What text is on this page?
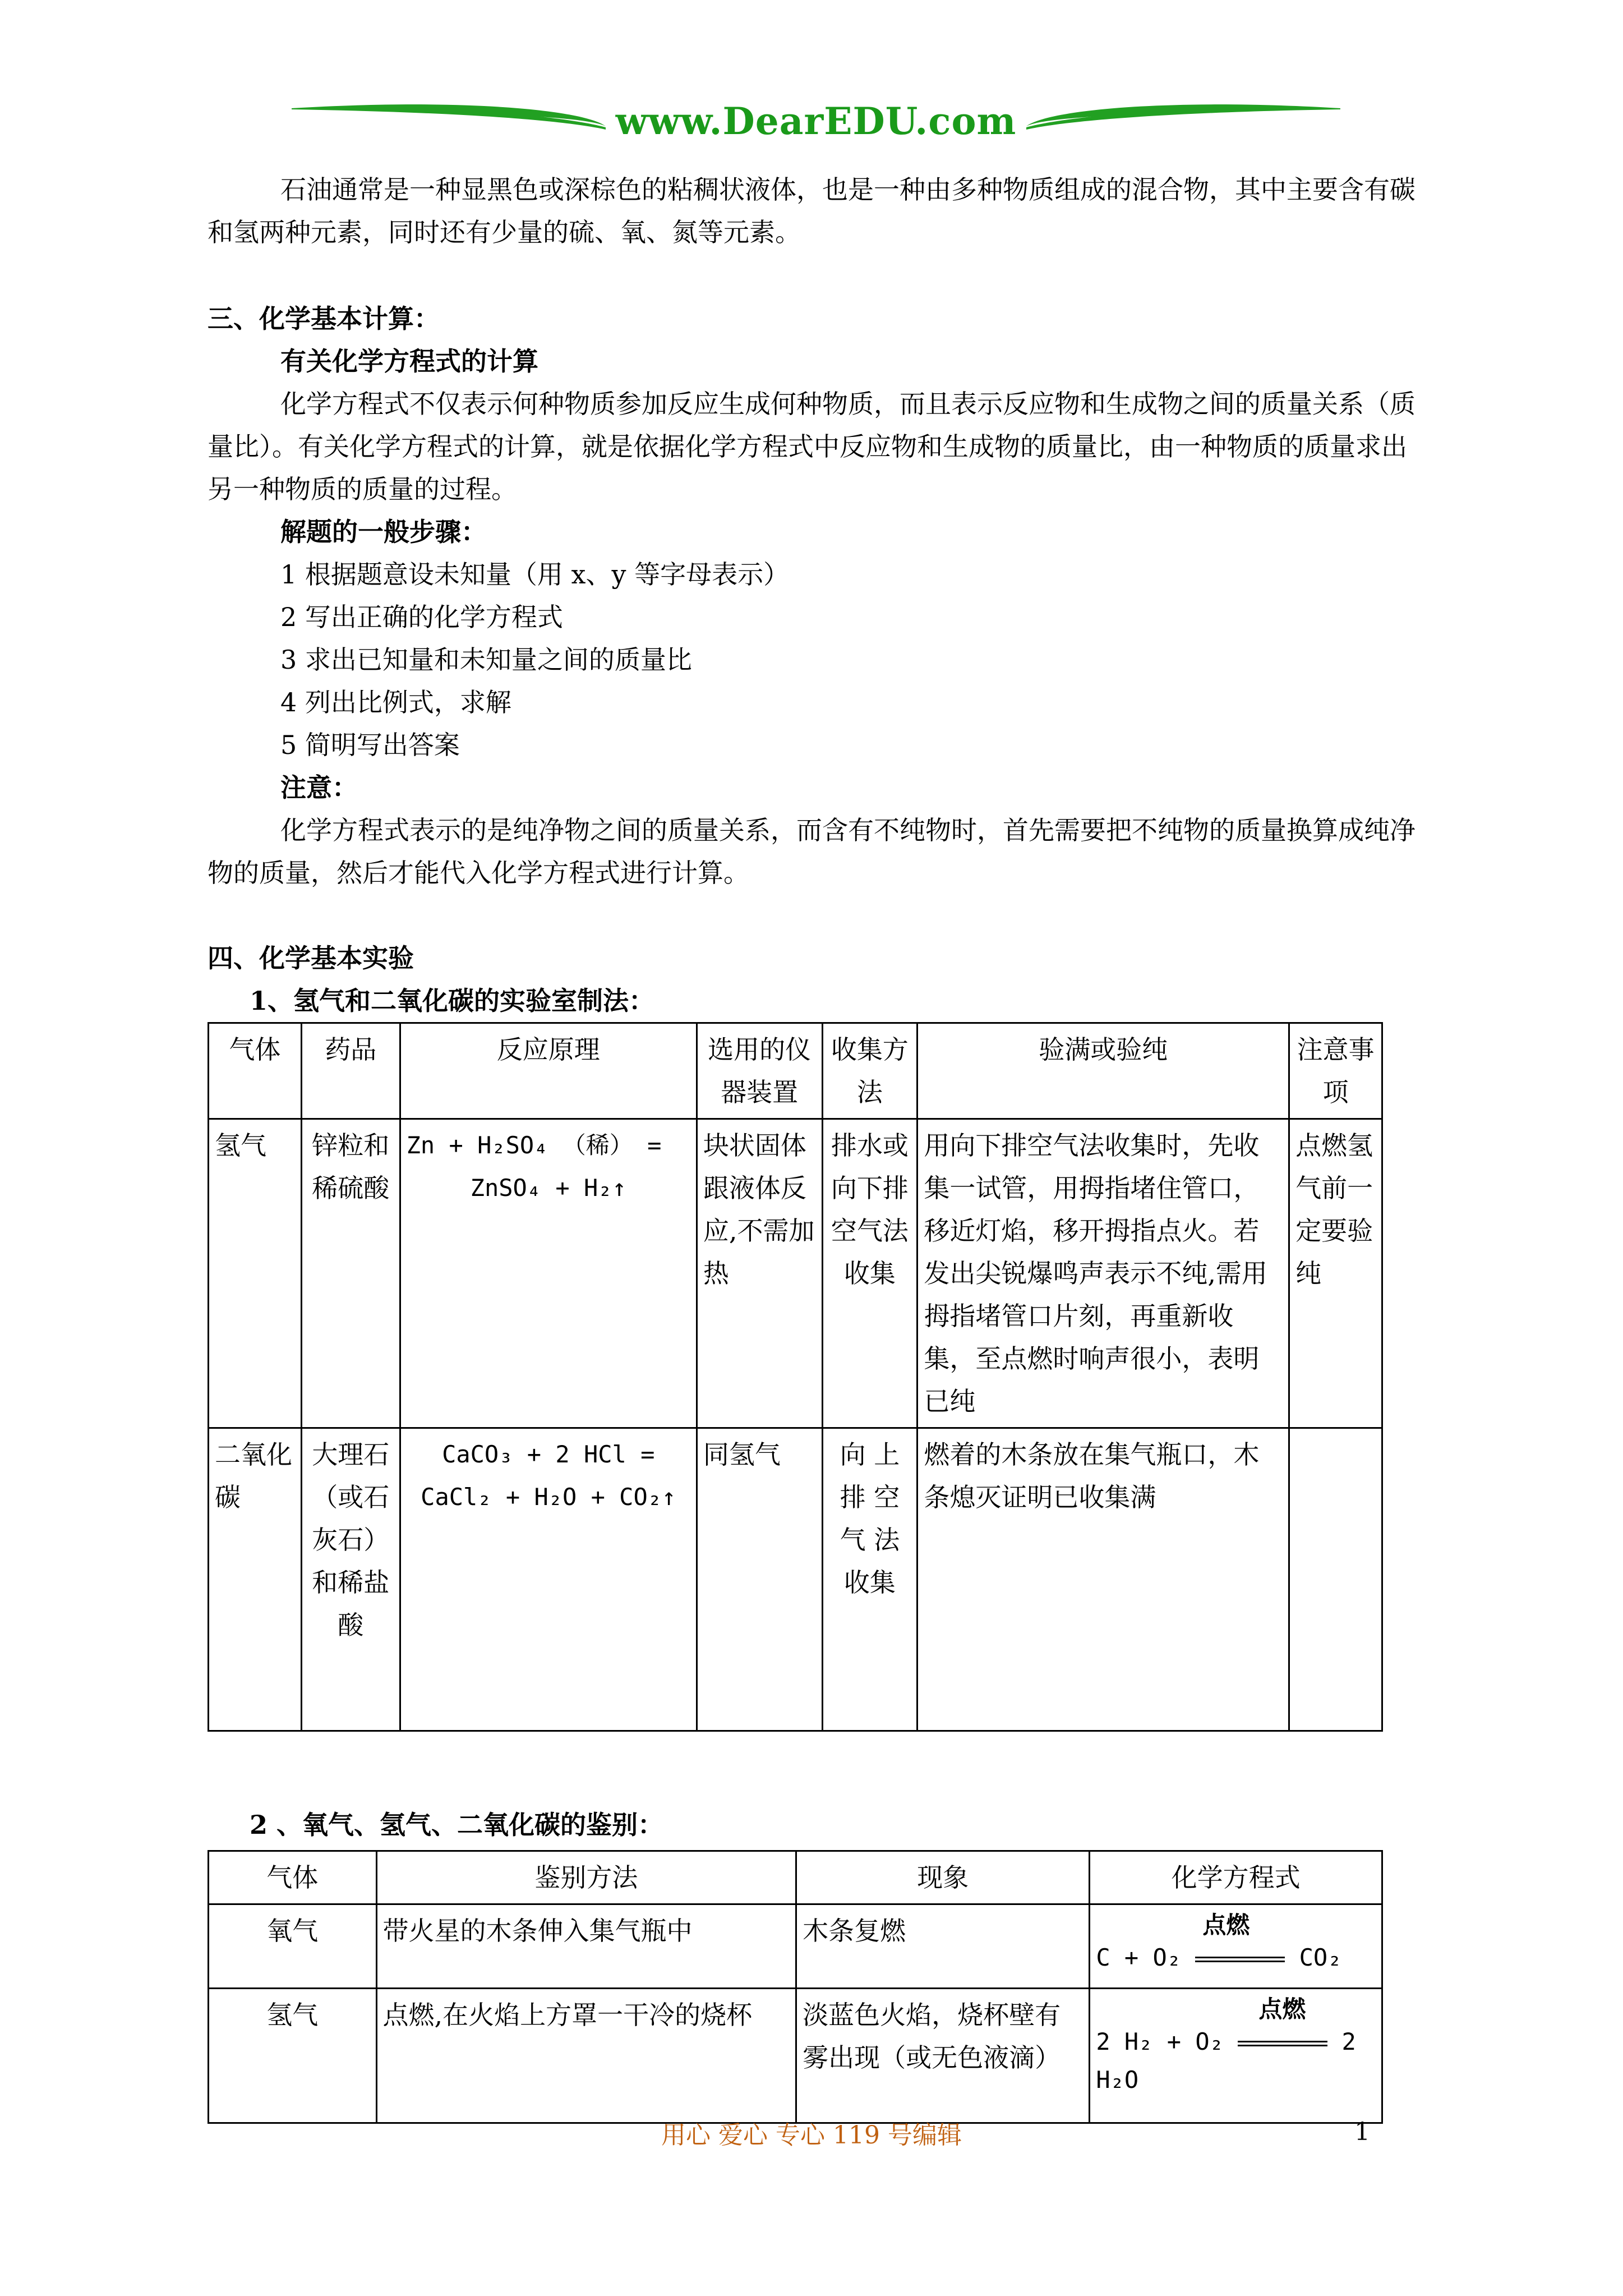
www.DearEDU.com

石油通常是一种显黑色或深棕色的粘稠状液体，也是一种由多种物质组成的混合物，其中主要含有碳和氢两种元素，同时还有少量的硫、氧、氮等元素。

三、化学基本计算：

有关化学方程式的计算

化学方程式不仅表示何种物质参加反应生成何种物质，而且表示反应物和生成物之间的质量关系（质量比）。有关化学方程式的计算，就是依据化学方程式中反应物和生成物的质量比，由一种物质的质量求出另一种物质的质量的过程。

解题的一般步骤：

1 根据题意设未知量（用 x、y 等字母表示）

2 写出正确的化学方程式

3 求出已知量和未知量之间的质量比

4 列出比例式，求解

5 简明写出答案

注意：

化学方程式表示的是纯净物之间的质量关系，而含有不纯物时，首先需要把不纯物的质量换算成纯净物的质量，然后才能代入化学方程式进行计算。

四、化学基本实验

1、氢气和二氧化碳的实验室制法：

气体	药品	反应原理	选用的仪器装置	收集方法	验满或验纯	注意事项
氢气	锌粒和稀硫酸	Zn + H₂SO₄ （稀） =
ZnSO₄ + H₂↑	块状固体跟液体反应,不需加热	排水或向下排空气法收集	用向下排空气法收集时，先收集一试管，用拇指堵住管口，移近灯焰，移开拇指点火。若发出尖锐爆鸣声表示不纯,需用拇指堵管口片刻，再重新收集，至点燃时响声很小，表明已纯	点燃氢气前一定要验纯
二氧化碳	大理石（或石灰石）和稀盐酸	CaCO₃ + 2 HCl =
CaCl₂ + H₂O + CO₂↑	同氢气	向 上 排 空 气 法 收集	燃着的木条放在集气瓶口，木条熄灭证明已收集满	

2 、氧气、氢气、二氧化碳的鉴别：

气体	鉴别方法	现象	化学方程式
氧气	带火星的木条伸入集气瓶中	木条复燃	点燃
C + O₂ CO₂

氢气	点燃,在火焰上方罩一干冷的烧杯	淡蓝色火焰，烧杯壁有雾出现（或无色液滴）	点燃
2 H₂ + O₂ 2
H₂O
用心 爱心 专心 119 号编辑	1
